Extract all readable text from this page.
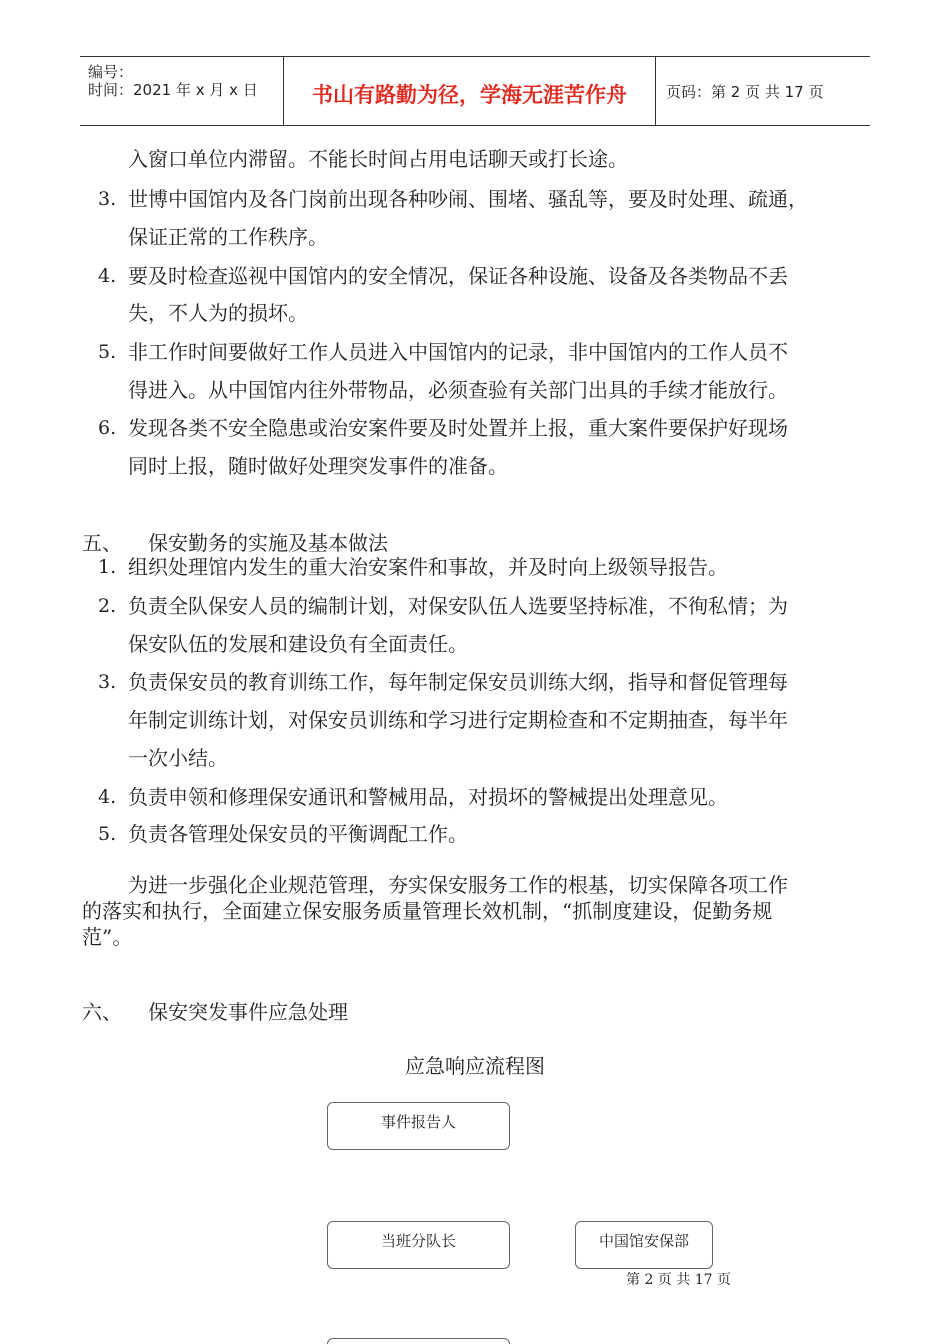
编号：
时间：2021 年 x 月 x 日	书山有路勤为径，学海无涯苦作舟	页码：第 2 页 共 17 页
入窗口单位内滞留。不能长时间占用电话聊天或打长途。
3. 世博中国馆内及各门岗前出现各种吵闹、围堵、骚乱等，要及时处理、疏通，
保证正常的工作秩序。
4. 要及时检查巡视中国馆内的安全情况，保证各种设施、设备及各类物品不丢
失，不人为的损坏。
5. 非工作时间要做好工作人员进入中国馆内的记录，非中国馆内的工作人员不
得进入。从中国馆内往外带物品，必须查验有关部门出具的手续才能放行。
6. 发现各类不安全隐患或治安案件要及时处置并上报，重大案件要保护好现场
同时上报，随时做好处理突发事件的准备。
五、 保安勤务的实施及基本做法
1. 组织处理馆内发生的重大治安案件和事故，并及时向上级领导报告。
2. 负责全队保安人员的编制计划，对保安队伍人选要坚持标准，不徇私情；为
保安队伍的发展和建设负有全面责任。
3. 负责保安员的教育训练工作，每年制定保安员训练大纲，指导和督促管理每
年制定训练计划，对保安员训练和学习进行定期检查和不定期抽查，每半年
一次小结。
4. 负责申领和修理保安通讯和警械用品，对损坏的警械提出处理意见。
5. 负责各管理处保安员的平衡调配工作。
为进一步强化企业规范管理，夯实保安服务工作的根基，切实保障各项工作
的落实和执行，全面建立保安服务质量管理长效机制，“抓制度建设，促勤务规
范”。
六、 保安突发事件应急处理
应急响应流程图
事件报告人
当班分队长	中国馆安保部
第 2 页 共 17 页
